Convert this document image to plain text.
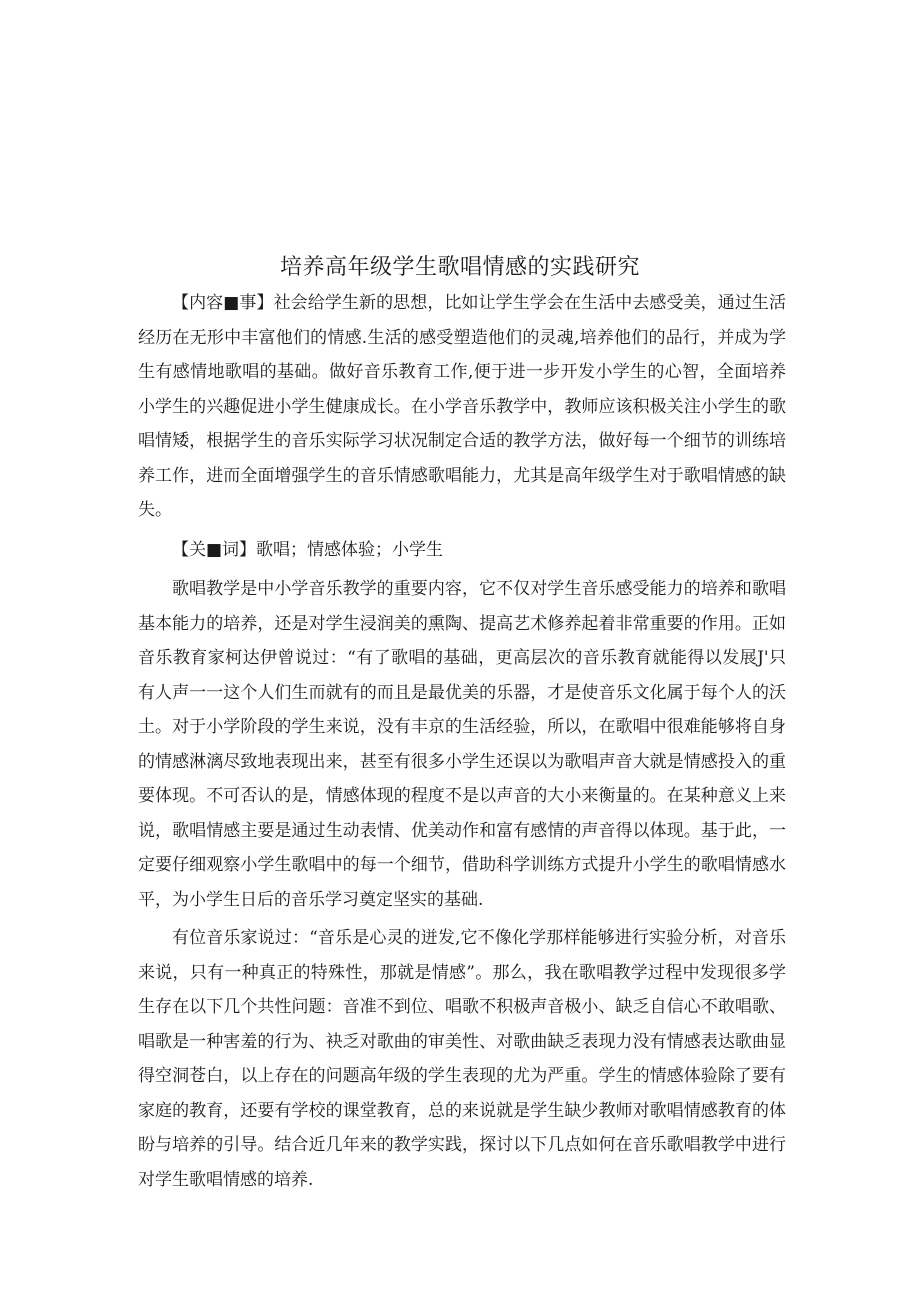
培养高年级学生歌唱情感的实践研究

【内容■事】社会给学生新的思想，比如让学生学会在生活中去感受美，通过生活经历在无形中丰富他们的情感.生活的感受塑造他们的灵魂,培养他们的品行，并成为学生有感情地歌唱的基础。做好音乐教育工作,便于进一步开发小学生的心智，全面培养小学生的兴趣促进小学生健康成长。在小学音乐教学中，教师应该积极关注小学生的歌唱情矮，根据学生的音乐实际学习状况制定合适的教学方法，做好每一个细节的训练培养工作，进而全面增强学生的音乐情感歌唱能力，尤其是高年级学生对于歌唱情感的缺失。

【关■词】歌唱；情感体验；小学生

歌唱教学是中小学音乐教学的重要内容，它不仅对学生音乐感受能力的培养和歌唱基本能力的培养，还是对学生浸润美的熏陶、提高艺术修养起着非常重要的作用。正如音乐教育家柯达伊曾说过：“有了歌唱的基础，更高层次的音乐教育就能得以发展J'只有人声一一这个人们生而就有的而且是最优美的乐器，才是使音乐文化属于每个人的沃土。对于小学阶段的学生来说，没有丰京的生活经验，所以，在歌唱中很难能够将自身的情感淋漓尽致地表现出来，甚至有很多小学生还误以为歌唱声音大就是情感投入的重要体现。不可否认的是，情感体现的程度不是以声音的大小来衡量的。在某种意义上来说，歌唱情感主要是通过生动表情、优美动作和富有感情的声音得以体现。基于此，一定要仔细观察小学生歌唱中的每一个细节，借助科学训练方式提升小学生的歌唱情感水平，为小学生日后的音乐学习奠定坚实的基础.

有位音乐家说过：“音乐是心灵的迸发,它不像化学那样能够进行实验分析，对音乐来说，只有一种真正的特殊性，那就是情感”。那么，我在歌唱教学过程中发现很多学生存在以下几个共性问题：音准不到位、唱歌不积极声音极小、缺乏自信心不敢唱歌、唱歌是一种害羞的行为、袂乏对歌曲的审美性、对歌曲缺乏表现力没有情感表达歌曲显得空洞苍白，以上存在的问题高年级的学生表现的尤为严重。学生的情感体验除了要有家庭的教育，还要有学校的课堂教育，总的来说就是学生缺少教师对歌唱情感教育的体盼与培养的引导。结合近几年来的教学实践，探讨以下几点如何在音乐歌唱教学中进行对学生歌唱情感的培养.
